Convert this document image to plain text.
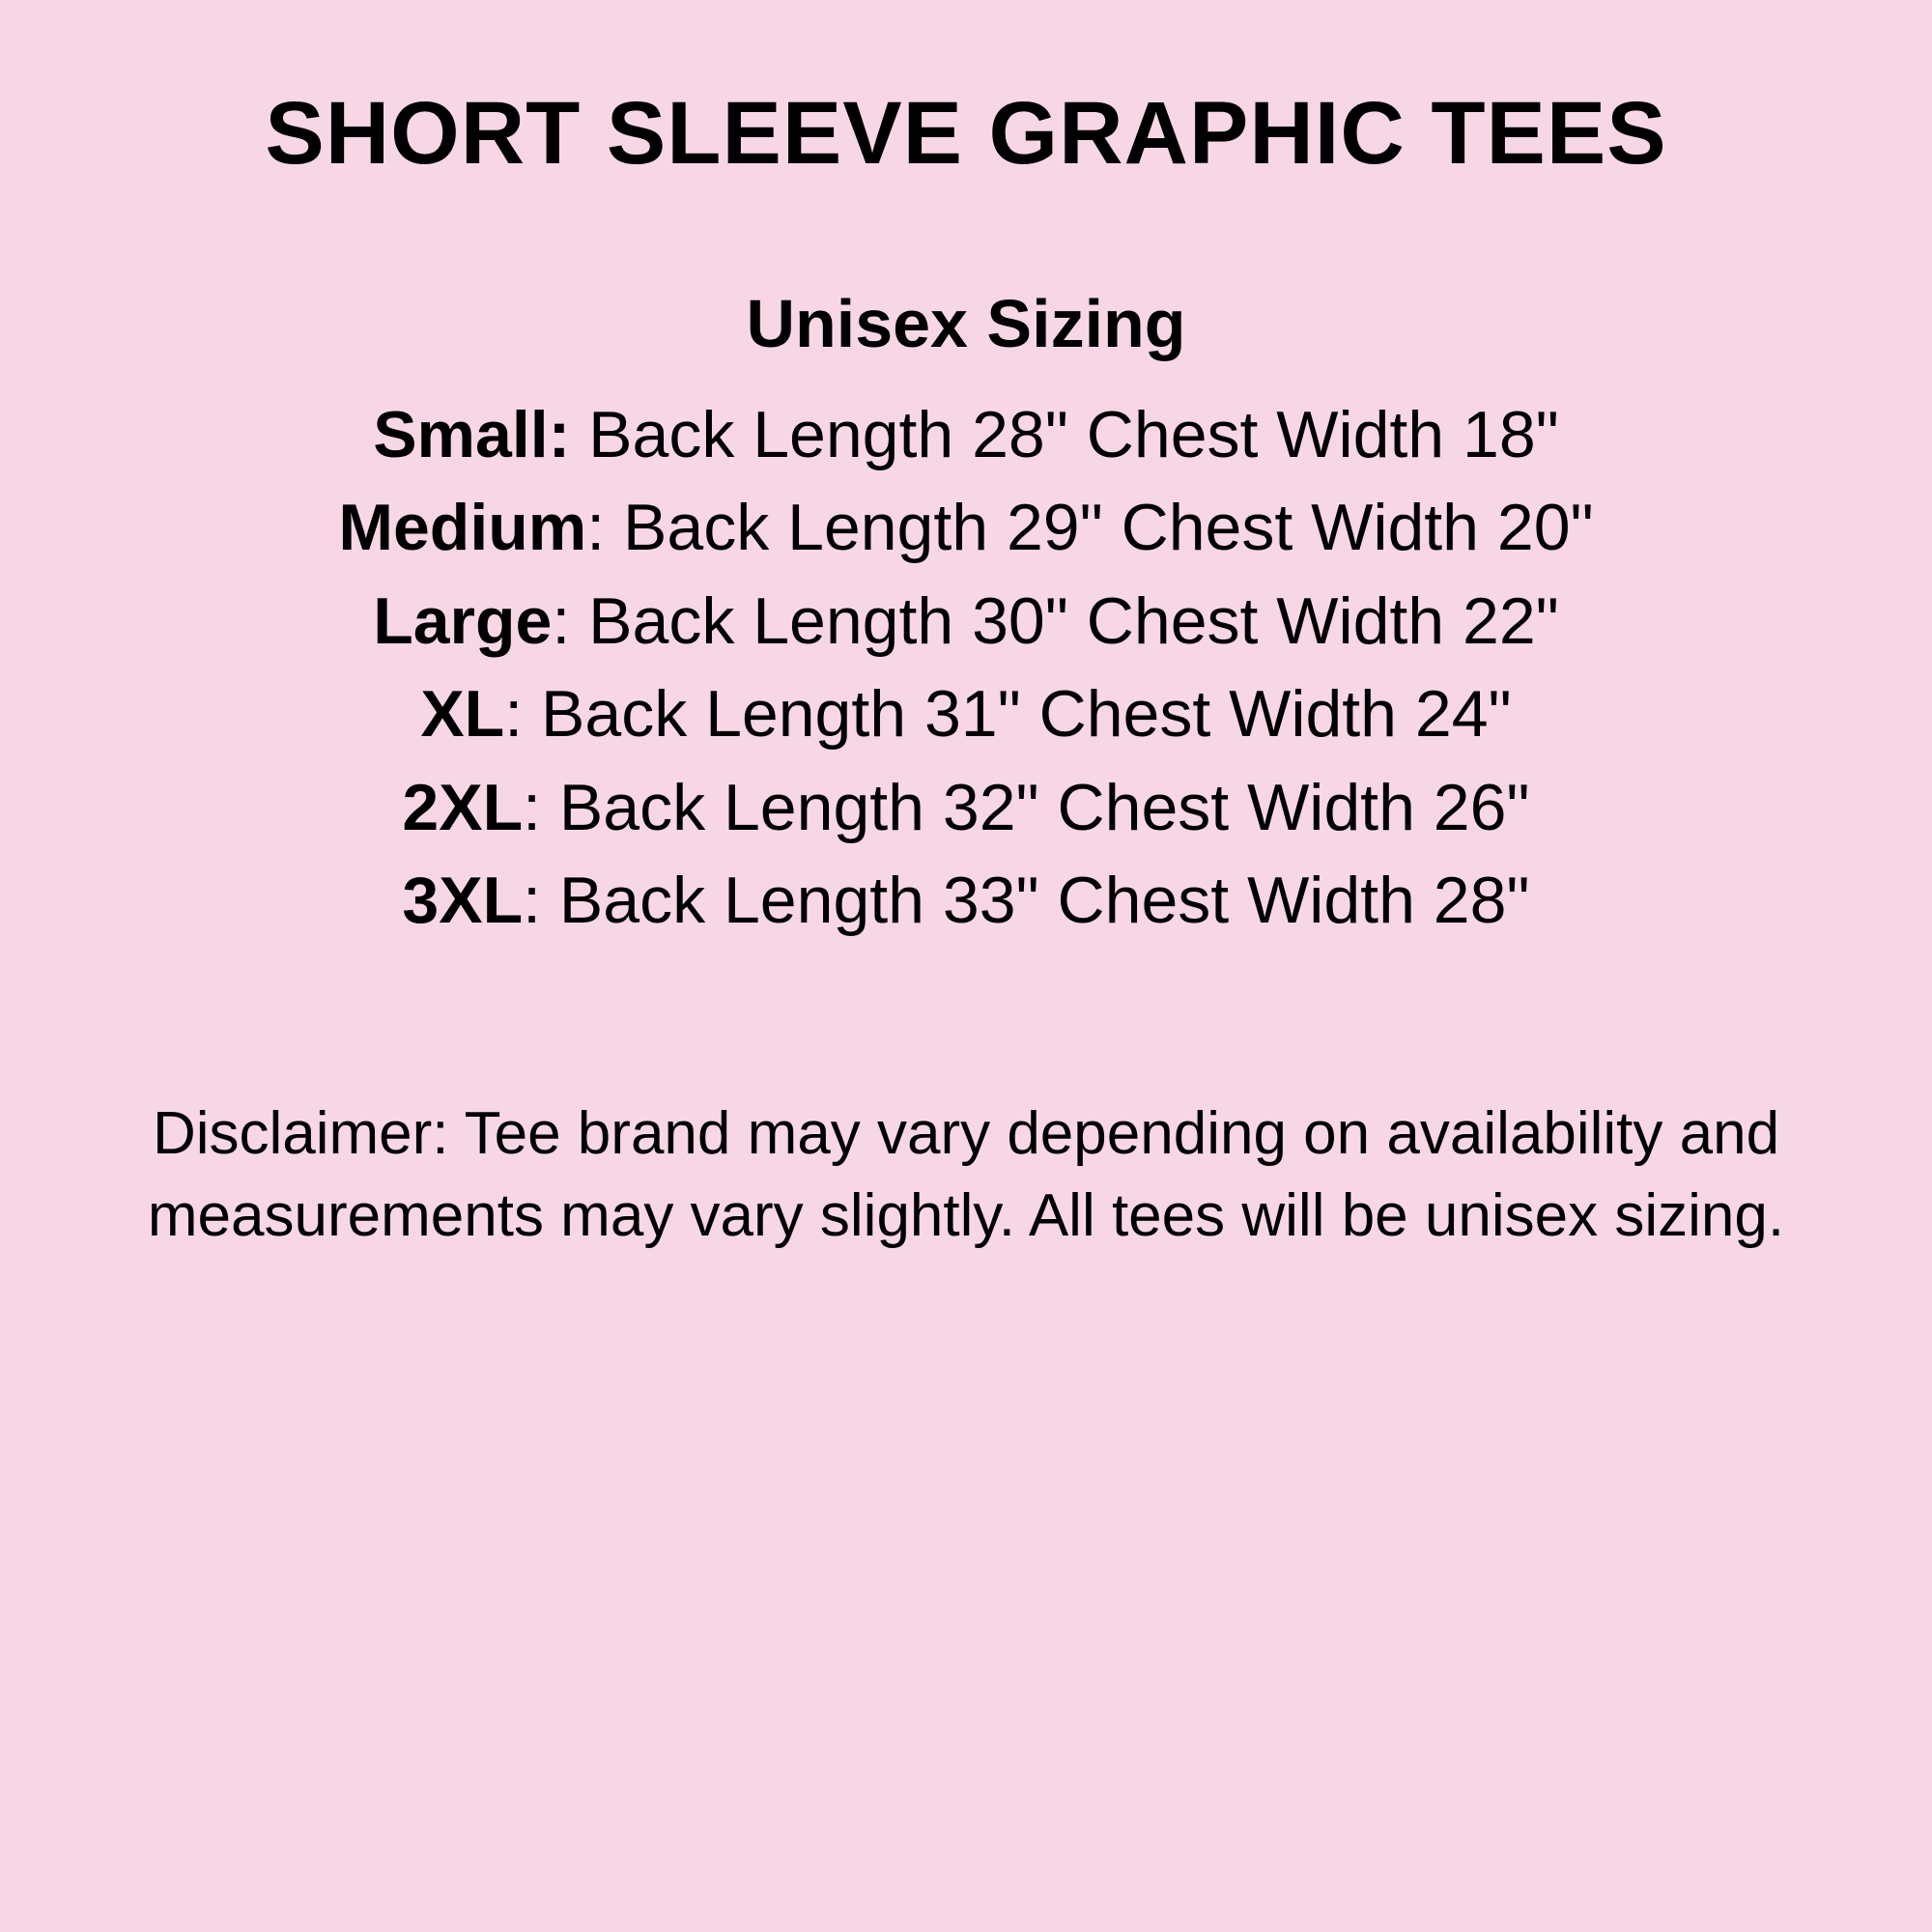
SHORT SLEEVE GRAPHIC TEES
Unisex Sizing
Small: Back Length 28" Chest Width 18"
Medium: Back Length 29" Chest Width 20"
Large: Back Length 30" Chest Width 22"
XL: Back Length 31" Chest Width 24"
2XL: Back Length 32" Chest Width 26"
3XL: Back Length 33" Chest Width 28"

Disclaimer: Tee brand may vary depending on availability and measurements may vary slightly. All tees will be unisex sizing.
